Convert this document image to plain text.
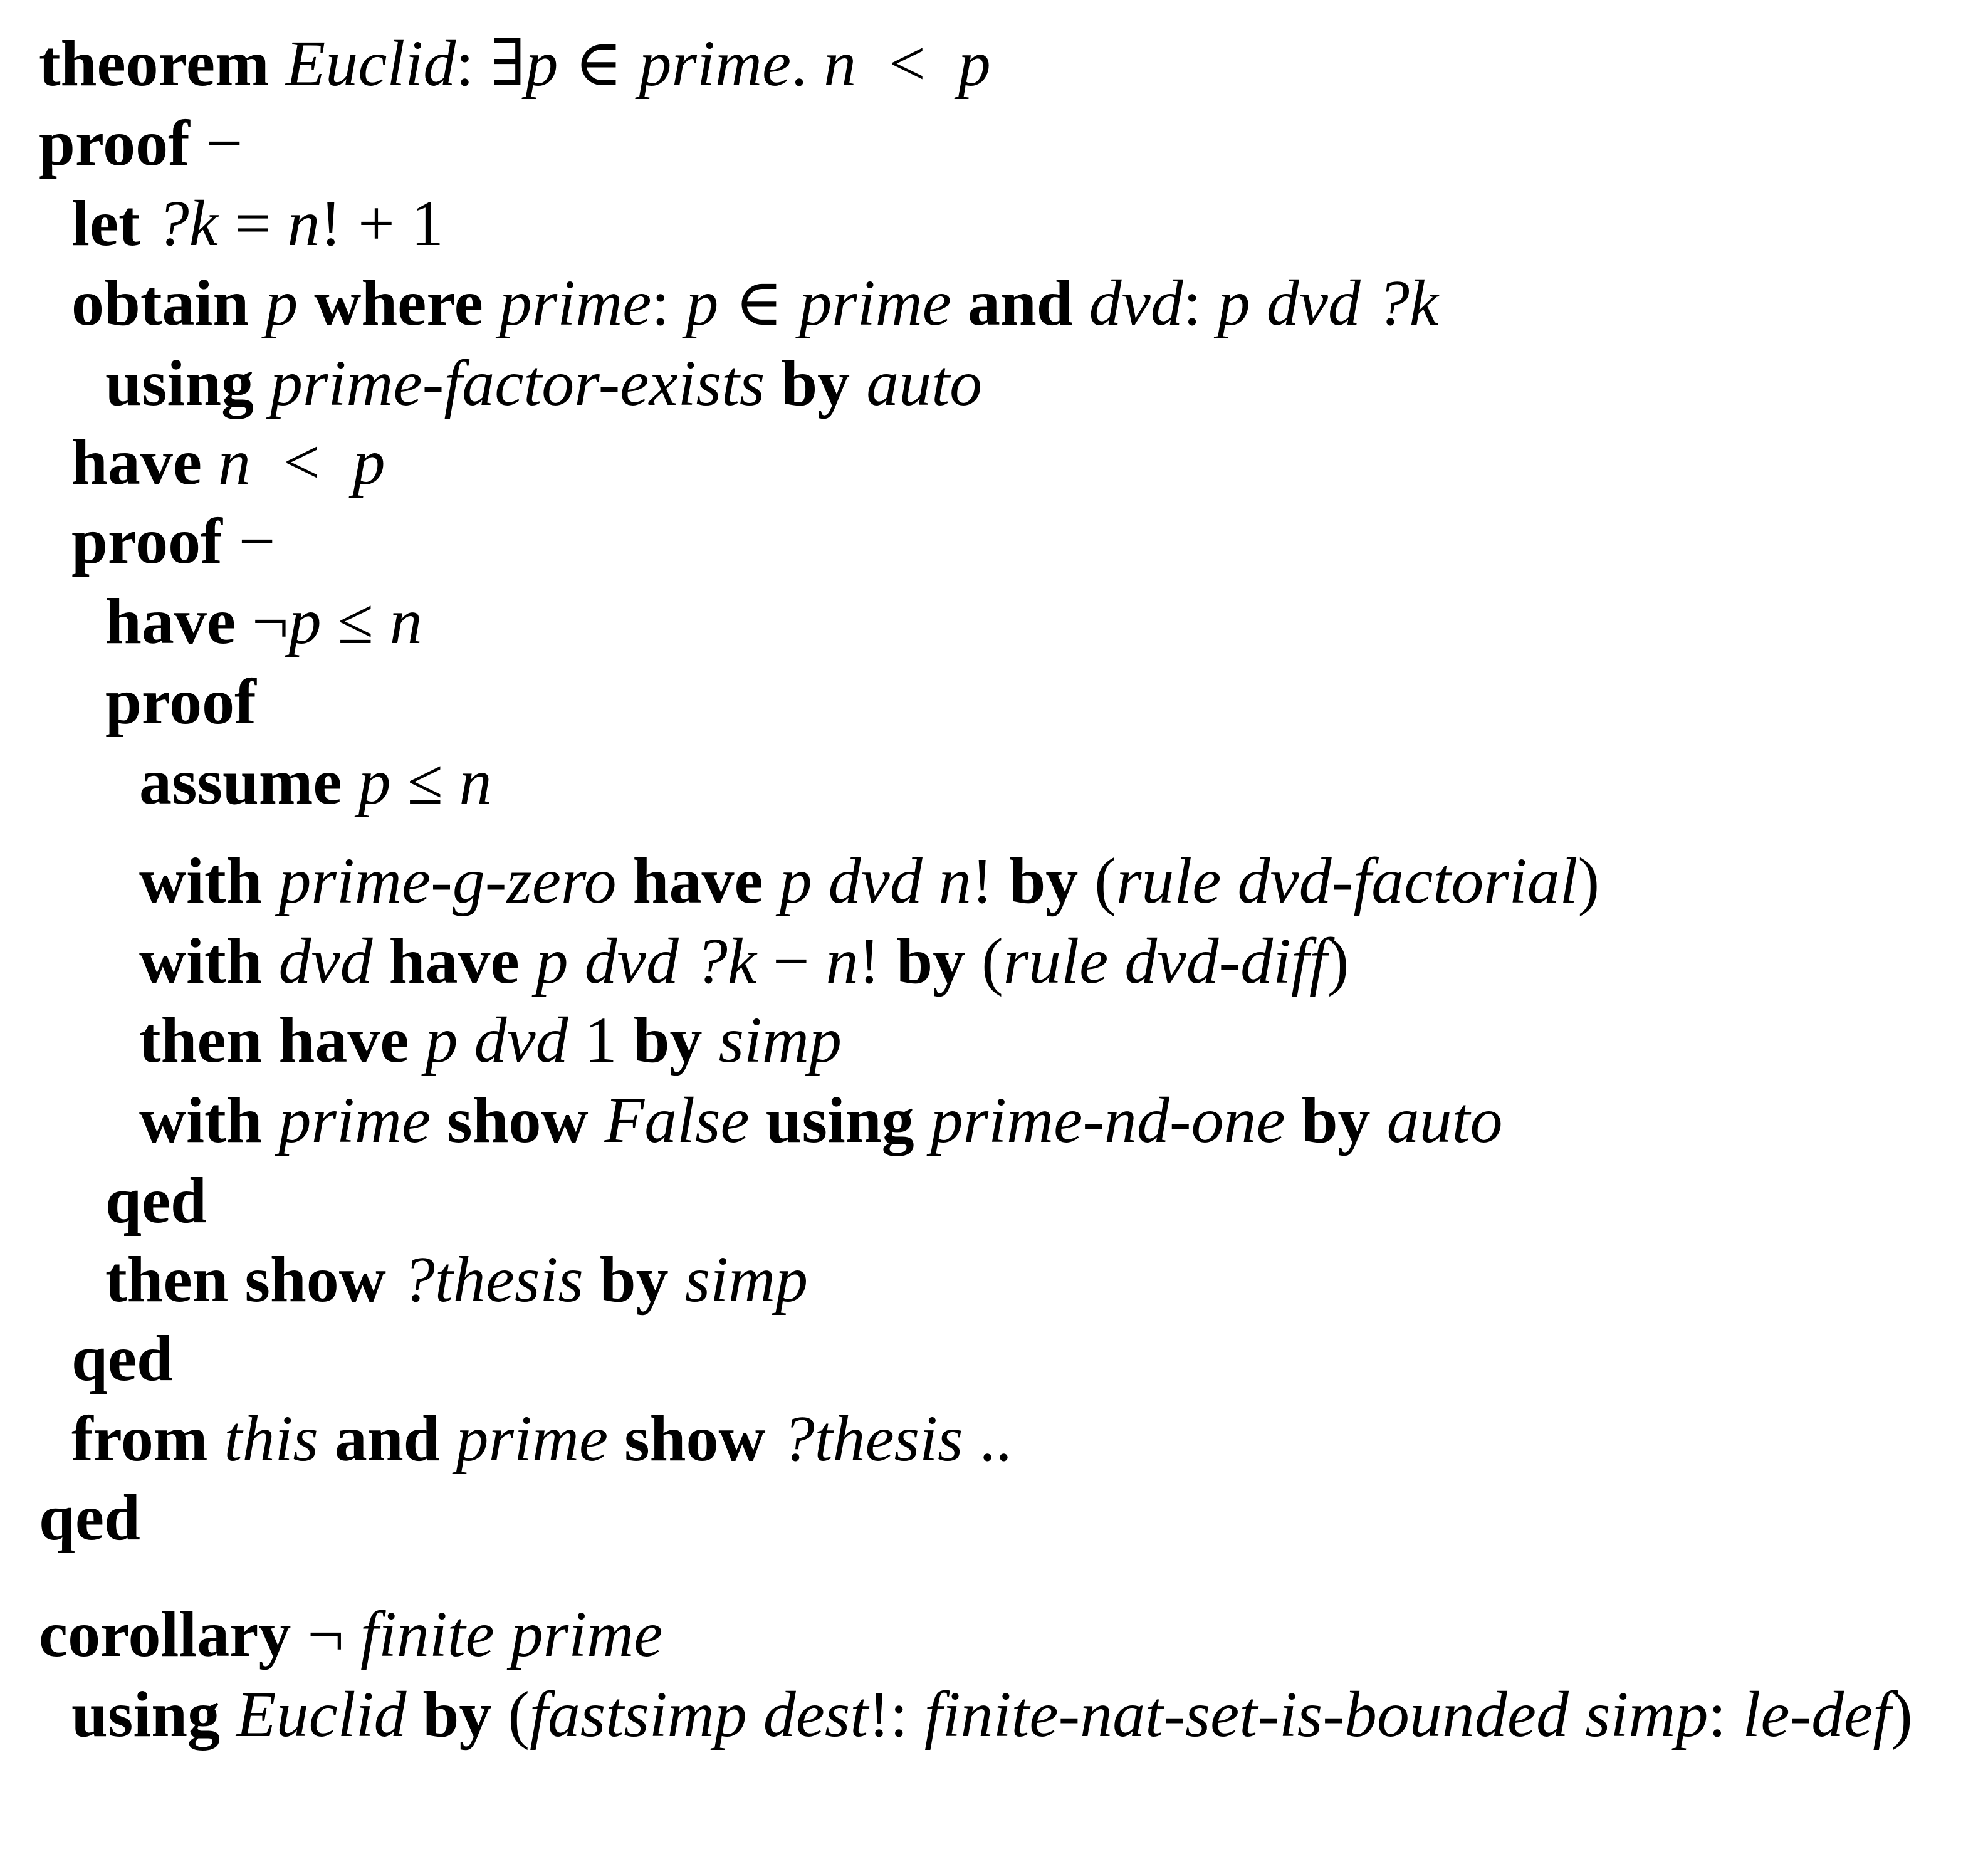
theorem Euclid: ∃p ∈ prime. n  <  p
proof −
let ?k = n! + 1
obtain p where prime: p ∈ prime and dvd: p dvd ?k
using prime-factor-exists by auto
have n  <  p
proof −
have ¬p ≤ n
proof
assume p ≤ n
with prime-g-zero have p dvd n! by (rule dvd-factorial)
with dvd have p dvd ?k − n! by (rule dvd-diff)
then have p dvd 1 by simp
with prime show False using prime-nd-one by auto
qed
then show ?thesis by simp
qed
from this and prime show ?thesis ..
qed
corollary ¬ finite prime
using Euclid by (fastsimp dest!: finite-nat-set-is-bounded simp: le-def)
